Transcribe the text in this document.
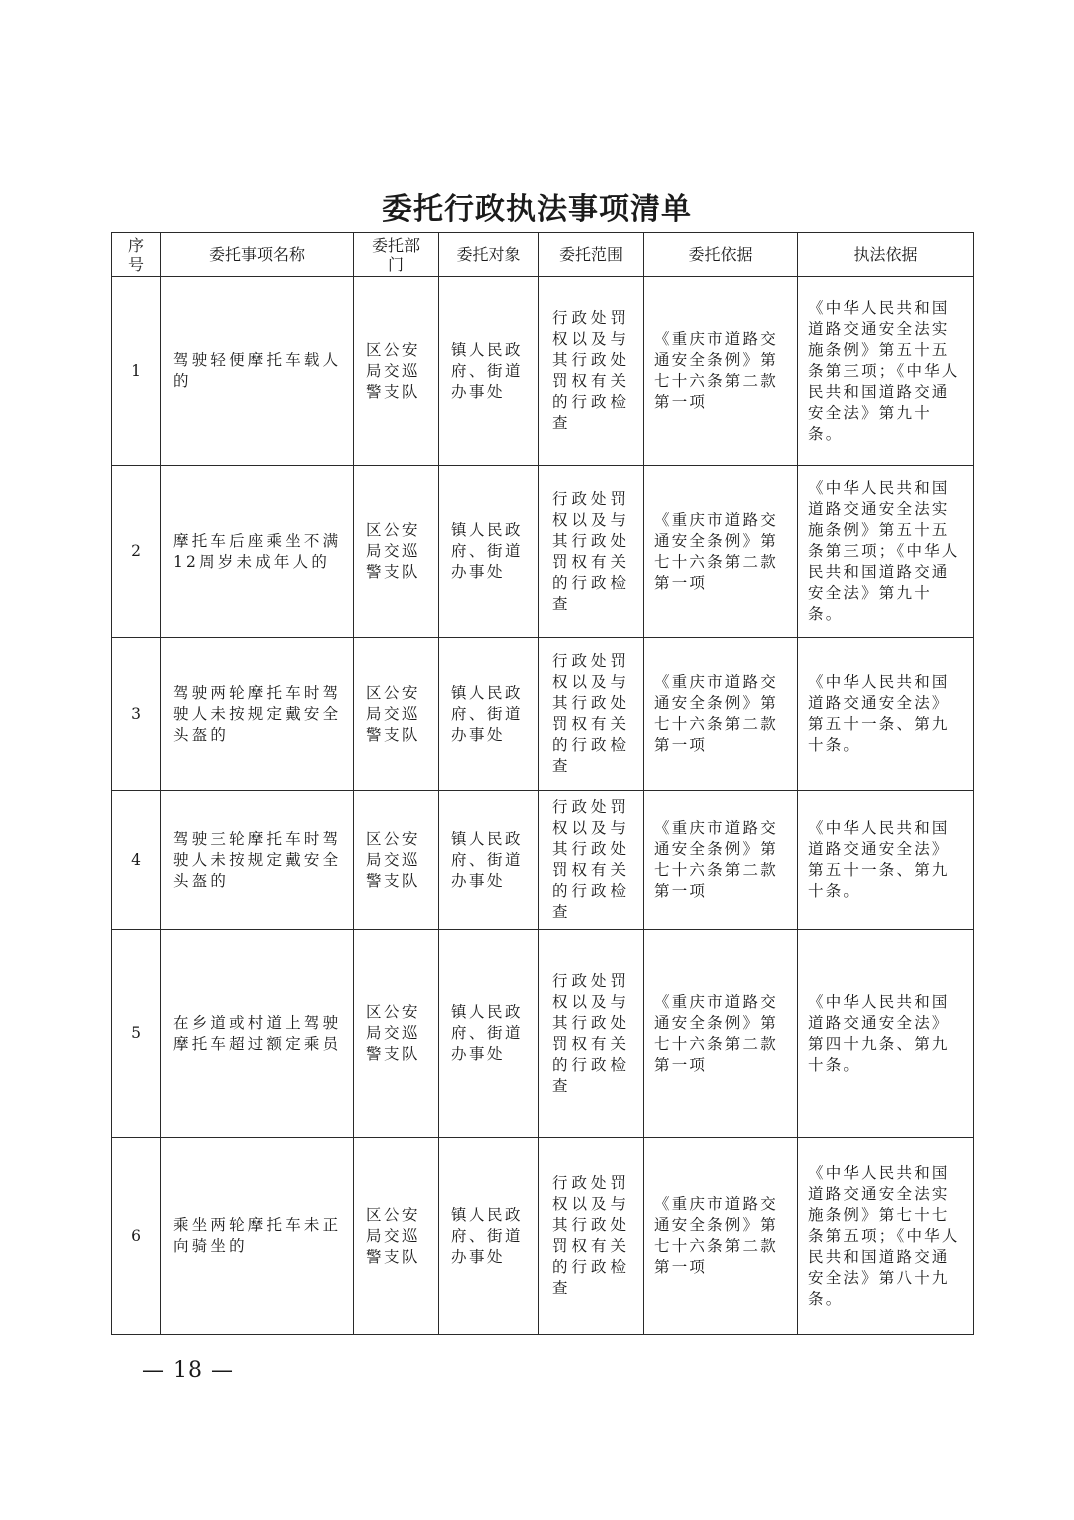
委托行政执法事项清单
序号	委托事项名称	委托部门	委托对象	委托范围	委托依据	执法依据
1	驾驶轻便摩托车载人的	区公安局交巡警支队	镇人民政府、街道办事处	行政处罚权以及与其行政处罚权有关的行政检查	《重庆市道路交通安全条例》第七十六条第二款第一项	《中华人民共和国道路交通安全法实施条例》第五十五条第三项；《中华人民共和国道路交通安全法》第九十条。

2	摩托车后座乘坐不满12周岁未成年人的	区公安局交巡警支队	镇人民政府、街道办事处	行政处罚权以及与其行政处罚权有关的行政检查	《重庆市道路交通安全条例》第七十六条第二款第一项	《中华人民共和国道路交通安全法实施条例》第五十五条第三项；《中华人民共和国道路交通安全法》第九十条。

3	驾驶两轮摩托车时驾驶人未按规定戴安全头盔的	区公安局交巡警支队	镇人民政府、街道办事处	行政处罚权以及与其行政处罚权有关的行政检查	《重庆市道路交通安全条例》第七十六条第二款第一项	《中华人民共和国道路交通安全法》第五十一条、第九十条。

4	驾驶三轮摩托车时驾驶人未按规定戴安全头盔的	区公安局交巡警支队	镇人民政府、街道办事处	行政处罚权以及与其行政处罚权有关的行政检查	《重庆市道路交通安全条例》第七十六条第二款第一项	《中华人民共和国道路交通安全法》第五十一条、第九十条。

5	在乡道或村道上驾驶摩托车超过额定乘员	区公安局交巡警支队	镇人民政府、街道办事处	行政处罚权以及与其行政处罚权有关的行政检查	《重庆市道路交通安全条例》第七十六条第二款第一项	《中华人民共和国道路交通安全法》第四十九条、第九十条。

6	乘坐两轮摩托车未正向骑坐的	区公安局交巡警支队	镇人民政府、街道办事处	行政处罚权以及与其行政处罚权有关的行政检查	《重庆市道路交通安全条例》第七十六条第二款第一项	《中华人民共和国道路交通安全法实施条例》第七十七条第五项；《中华人民共和国道路交通安全法》第八十九条。
— 18 —
